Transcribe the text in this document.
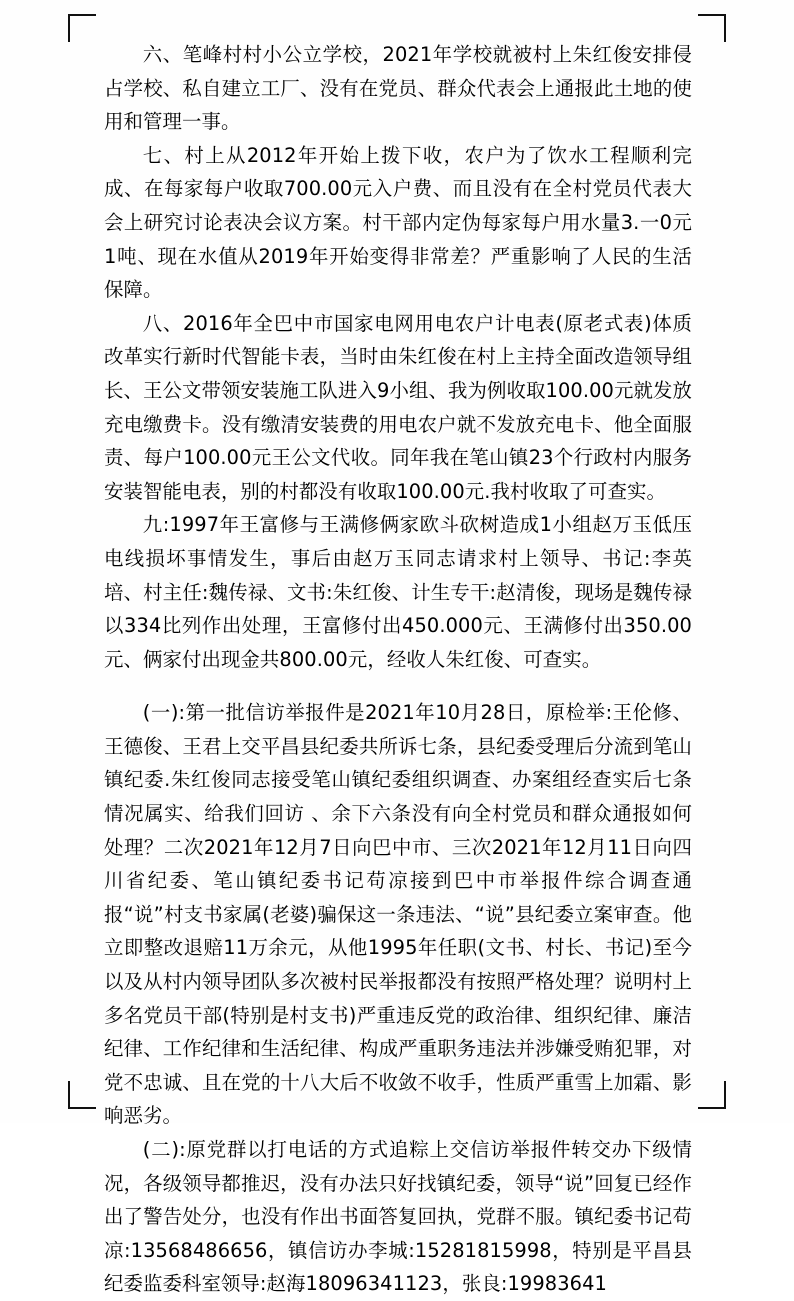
六、笔峰村村小公立学校，2021年学校就被村上朱红俊安排侵占学校、私自建立工厂、没有在党员、群众代表会上通报此土地的使用和管理一事。

七、村上从2012年开始上拨下收，农户为了饮水工程顺利完成、在每家每户收取700.00元入户费、而且没有在全村党员代表大会上研究讨论表决会议方案。村干部内定伪每家每户用水量3.一0元1吨、现在水值从2019年开始变得非常差？严重影响了人民的生活保障。

八、2016年全巴中市国家电网用电农户计电表(原老式表)体质改革实行新时代智能卡表，当时由朱红俊在村上主持全面改造领导组长、王公文带领安装施工队进入9小组、我为例收取100.00元就发放充电缴费卡。没有缴清安装费的用电农户就不发放充电卡、他全面服责、每户100.00元王公文代收。同年我在笔山镇23个行政村内服务安装智能电表，别的村都没有收取100.00元.我村收取了可查实。

九:1997年王富修与王满修俩家欧斗砍树造成1小组赵万玉低压电线损坏事情发生，事后由赵万玉同志请求村上领导、书记:李英培、村主任:魏传禄、文书:朱红俊、计生专干:赵清俊，现场是魏传禄以334比列作出处理，王富修付出450.000元、王满修付出350.00元、俩家付出现金共800.00元，经收人朱红俊、可查实。

(一):第一批信访举报件是2021年10月28日，原检举:王伦修、王德俊、王君上交平昌县纪委共所诉七条，县纪委受理后分流到笔山镇纪委.朱红俊同志接受笔山镇纪委组织调查、办案组经查实后七条情况属实、给我们回访 、余下六条没有向全村党员和群众通报如何处理？二次2021年12月7日向巴中市、三次2021年12月11日向四川省纪委、笔山镇纪委书记苟凉接到巴中市举报件综合调查通报“说”村支书家属(老婆)骗保这一条违法、“说”县纪委立案审查。他立即整改退赔11万余元，从他1995年任职(文书、村长、书记)至今以及从村内领导团队多次被村民举报都没有按照严格处理？说明村上多名党员干部(特别是村支书)严重违反党的政治律、组织纪律、廉洁纪律、工作纪律和生活纪律、构成严重职务违法并涉嫌受贿犯罪，对党不忠诚、且在党的十八大后不收敛不收手，性质严重雪上加霜、影响恶劣。

(二):原党群以打电话的方式追粽上交信访举报件转交办下级情况，各级领导都推迟，没有办法只好找镇纪委，领导“说”回复已经作出了警告处分，也没有作出书面答复回执，党群不服。镇纪委书记苟凉:13568486656，镇信访办李城:15281815998，特别是平昌县纪委监委科室领导:赵海18096341123，张良:19983641
